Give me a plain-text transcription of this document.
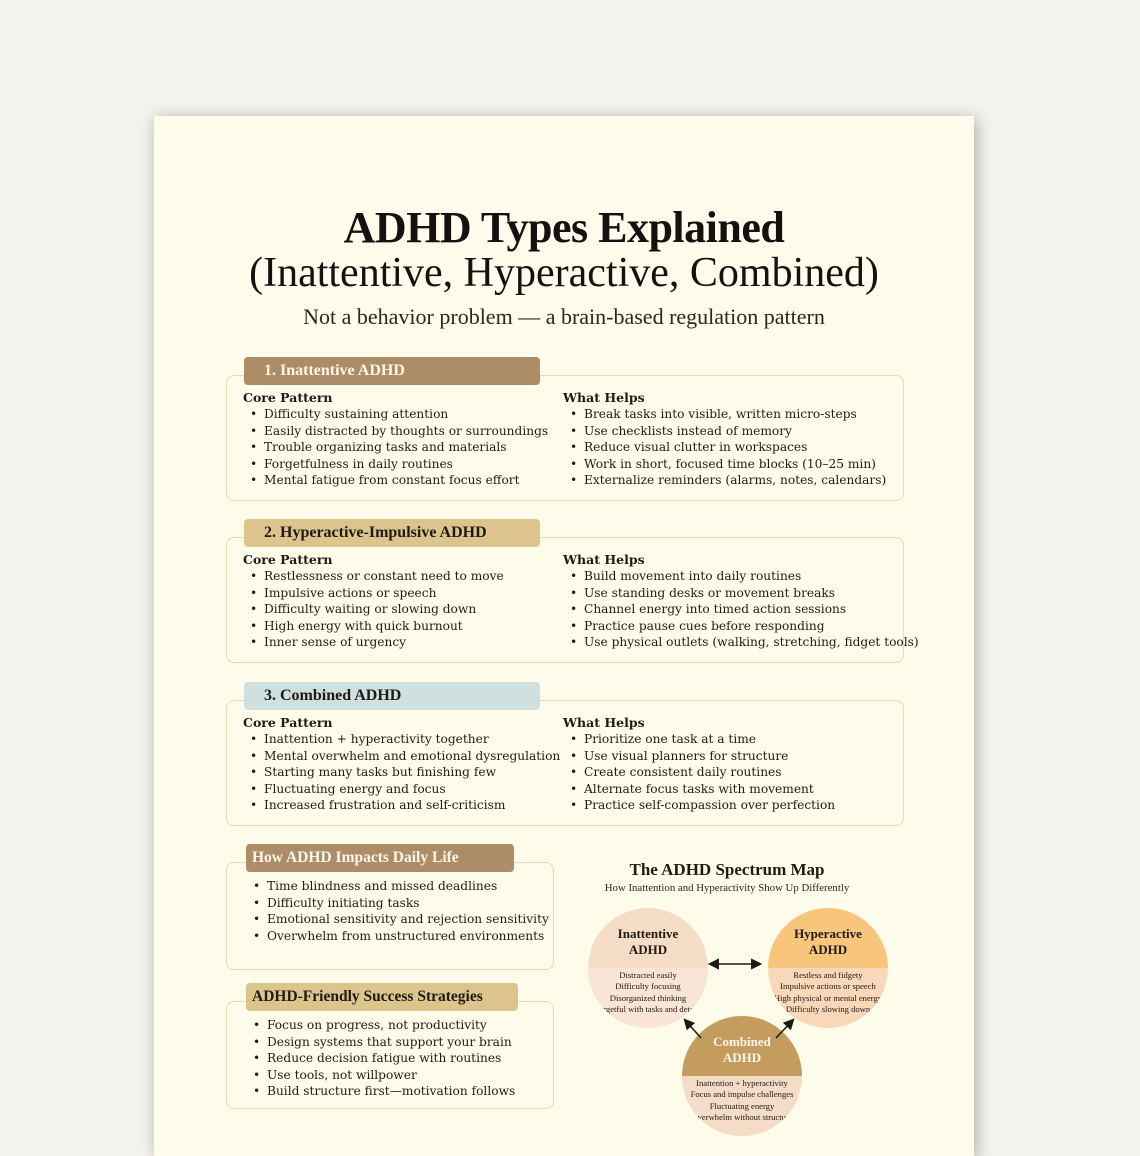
ADHD Types Explained
(Inattentive, Hyperactive, Combined)
Not a behavior problem — a brain-based regulation pattern
Core Pattern
• Difficulty sustaining attention
• Easily distracted by thoughts or surroundings
• Trouble organizing tasks and materials
• Forgetfulness in daily routines
• Mental fatigue from constant focus effort
What Helps
• Break tasks into visible, written micro-steps
• Use checklists instead of memory
• Reduce visual clutter in workspaces
• Work in short, focused time blocks (10–25 min)
• Externalize reminders (alarms, notes, calendars)
1. Inattentive ADHD
Core Pattern
• Restlessness or constant need to move
• Impulsive actions or speech
• Difficulty waiting or slowing down
• High energy with quick burnout
• Inner sense of urgency
What Helps
• Build movement into daily routines
• Use standing desks or movement breaks
• Channel energy into timed action sessions
• Practice pause cues before responding
• Use physical outlets (walking, stretching, fidget tools)
2. Hyperactive-Impulsive ADHD
Core Pattern
• Inattention + hyperactivity together
• Mental overwhelm and emotional dysregulation
• Starting many tasks but finishing few
• Fluctuating energy and focus
• Increased frustration and self-criticism
What Helps
• Prioritize one task at a time
• Use visual planners for structure
• Create consistent daily routines
• Alternate focus tasks with movement
• Practice self-compassion over perfection
3. Combined ADHD
• Time blindness and missed deadlines
• Difficulty initiating tasks
• Emotional sensitivity and rejection sensitivity
• Overwhelm from unstructured environments
How ADHD Impacts Daily Life
• Focus on progress, not productivity
• Design systems that support your brain
• Reduce decision fatigue with routines
• Use tools, not willpower
• Build structure first—motivation follows
ADHD-Friendly Success Strategies
The ADHD Spectrum Map
How Inattention and Hyperactivity Show Up Differently
Inattentive
ADHD
Distracted easily
Difficulty focusing
Disorganized thinking
Forgetful with tasks and details
Hyperactive
ADHD
Restless and fidgety
Impulsive actions or speech
High physical or mental energy
Difficulty slowing down
Combined
ADHD
Inattention + hyperactivity
Focus and impulse challenges
Fluctuating energy
Overwhelm without structure
